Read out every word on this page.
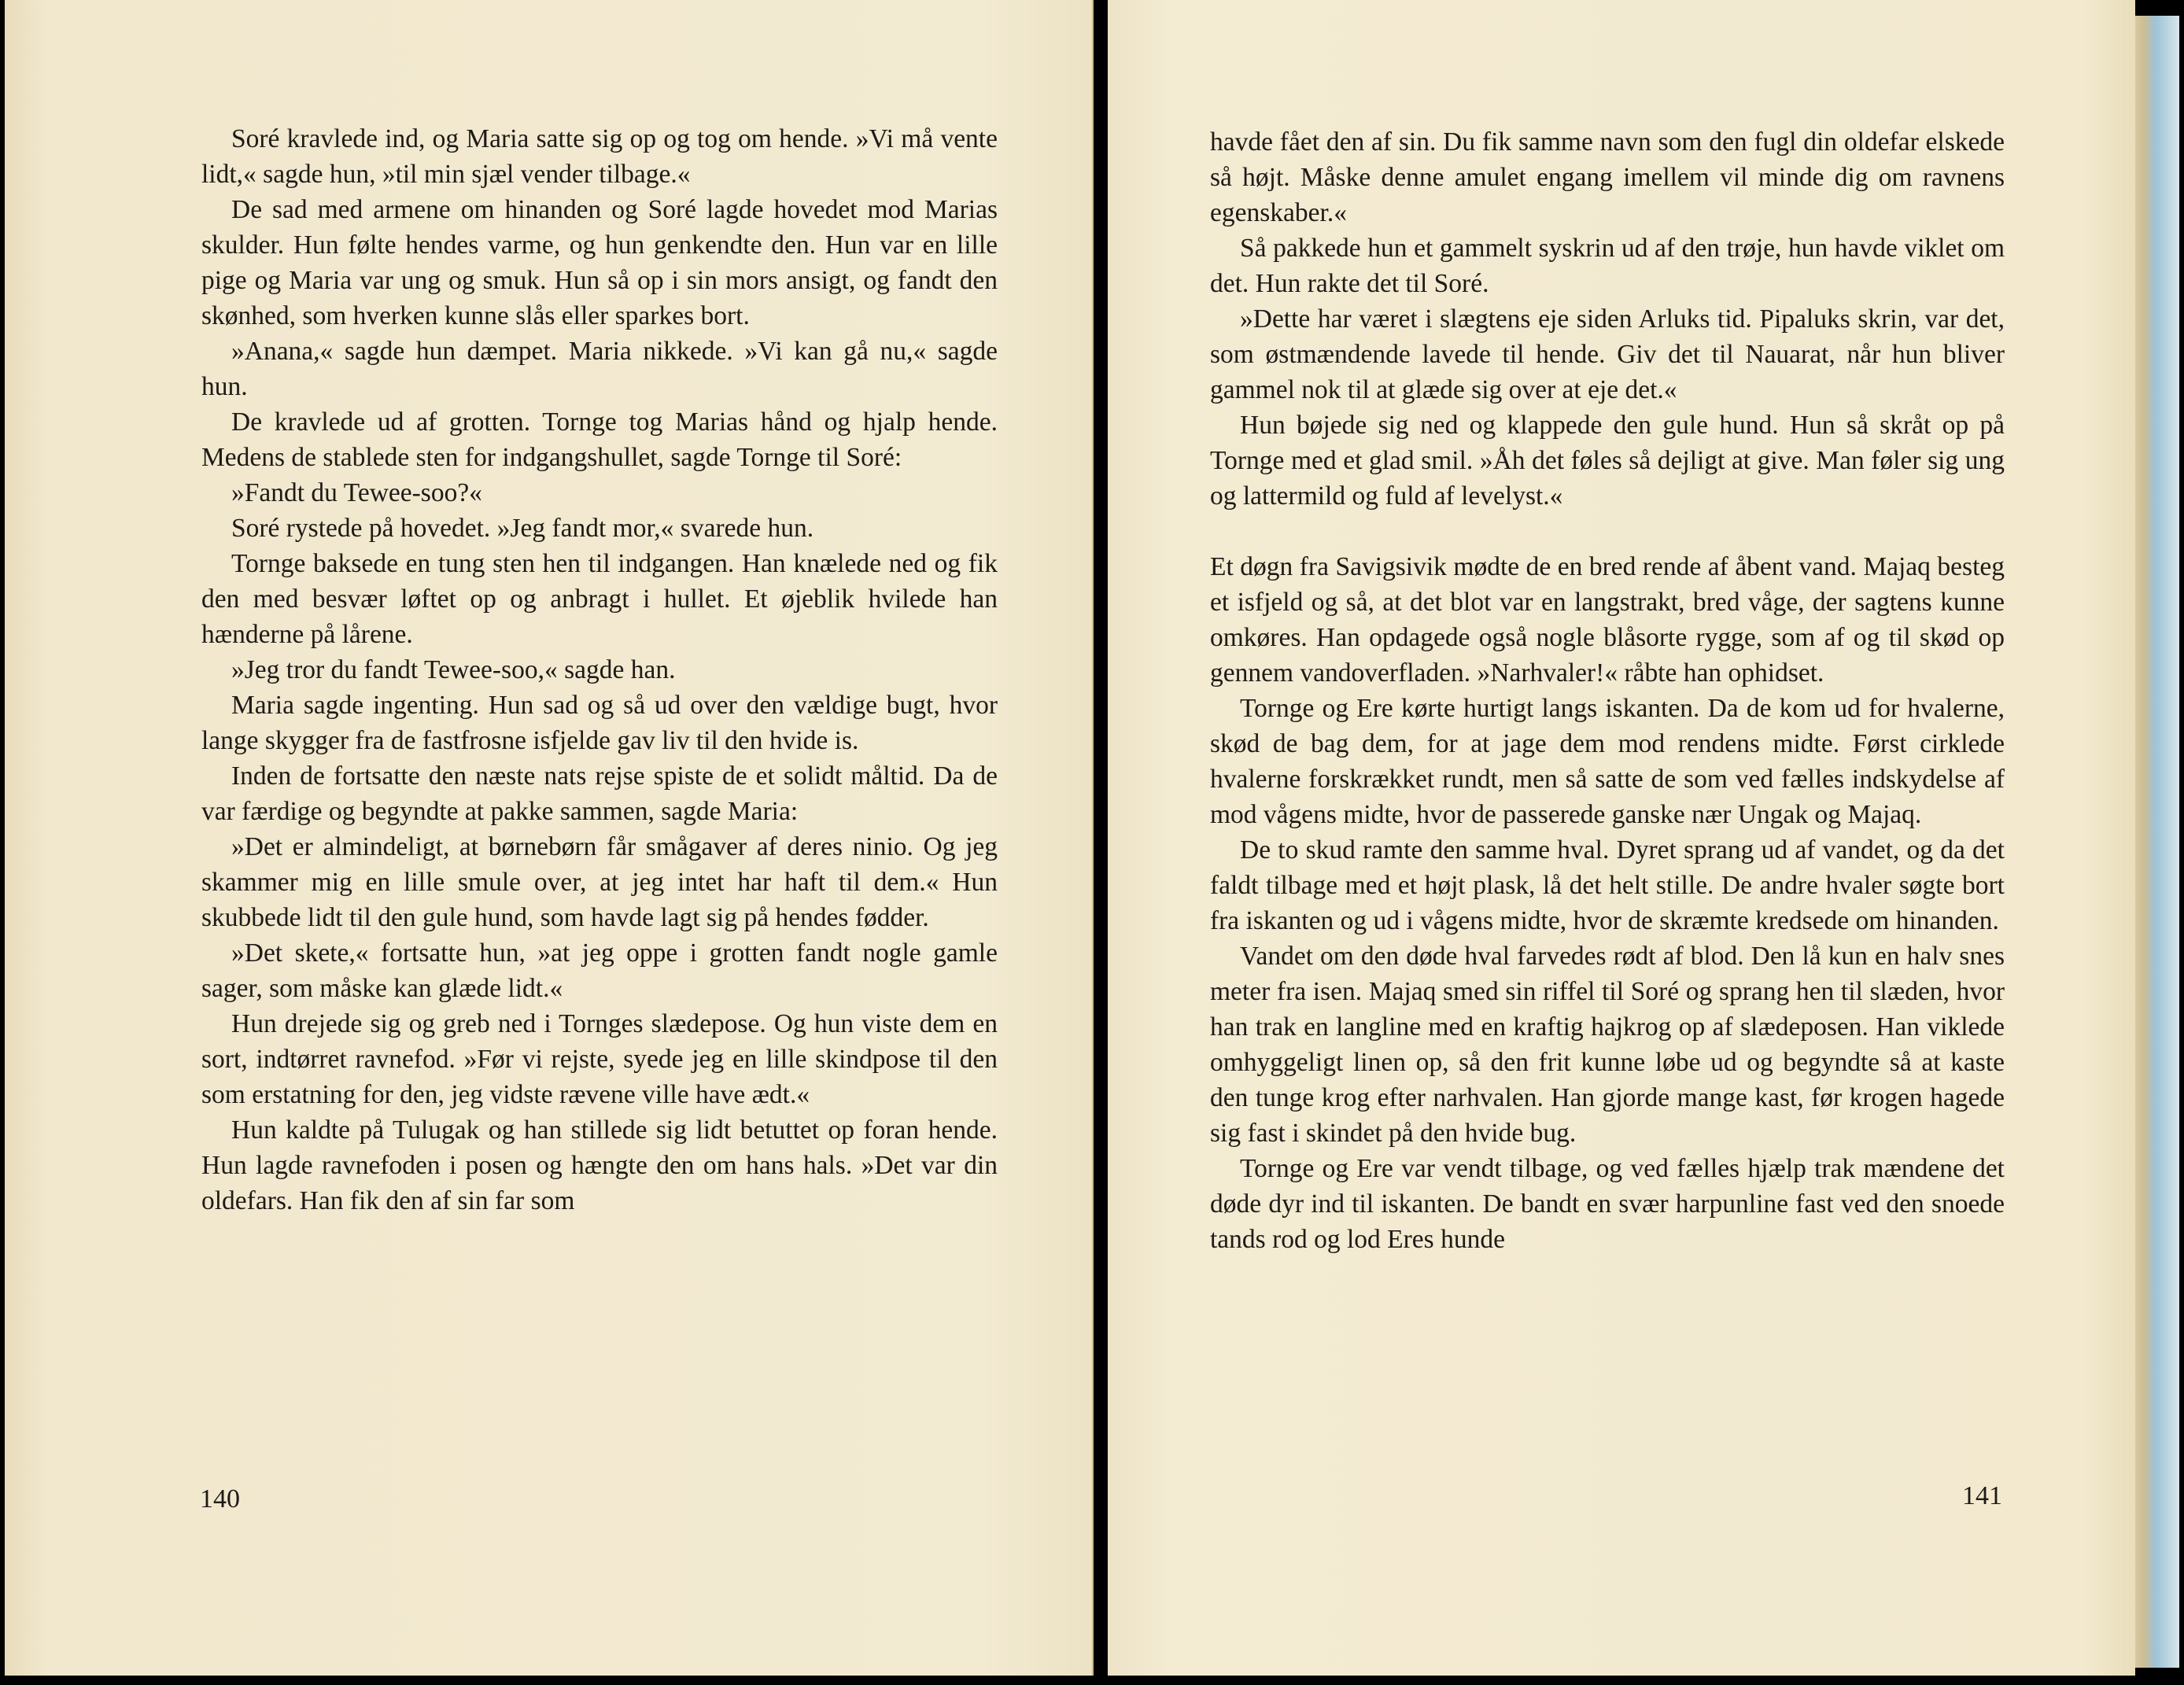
Soré kravlede ind, og Maria satte sig op og tog om hende. »Vi må vente lidt,« sagde hun, »til min sjæl vender tilbage.«

De sad med armene om hinanden og Soré lagde hovedet mod Marias skulder. Hun følte hendes varme, og hun genkendte den. Hun var en lille pige og Maria var ung og smuk. Hun så op i sin mors ansigt, og fandt den skønhed, som hverken kunne slås eller sparkes bort.

»Anana,« sagde hun dæmpet. Maria nikkede. »Vi kan gå nu,« sagde hun.

De kravlede ud af grotten. Tornge tog Marias hånd og hjalp hende. Medens de stablede sten for indgangshullet, sagde Tornge til Soré:

»Fandt du Tewee-soo?«

Soré rystede på hovedet. »Jeg fandt mor,« svarede hun.

Tornge baksede en tung sten hen til indgangen. Han knælede ned og fik den med besvær løftet op og anbragt i hullet. Et øjeblik hvilede han hænderne på lårene.

»Jeg tror du fandt Tewee-soo,« sagde han.

Maria sagde ingenting. Hun sad og så ud over den vældige bugt, hvor lange skygger fra de fastfrosne isfjelde gav liv til den hvide is.

Inden de fortsatte den næste nats rejse spiste de et solidt måltid. Da de var færdige og begyndte at pakke sammen, sagde Maria:

»Det er almindeligt, at børnebørn får smågaver af deres ninio. Og jeg skammer mig en lille smule over, at jeg intet har haft til dem.« Hun skubbede lidt til den gule hund, som havde lagt sig på hendes fødder.

»Det skete,« fortsatte hun, »at jeg oppe i grotten fandt nogle gamle sager, som måske kan glæde lidt.«

Hun drejede sig og greb ned i Tornges slædepose. Og hun viste dem en sort, indtørret ravnefod. »Før vi rejste, syede jeg en lille skindpose til den som erstatning for den, jeg vidste rævene ville have ædt.«

Hun kaldte på Tulugak og han stillede sig lidt betuttet op foran hende. Hun lagde ravnefoden i posen og hængte den om hans hals. »Det var din oldefars. Han fik den af sin far som

140

havde fået den af sin. Du fik samme navn som den fugl din oldefar elskede så højt. Måske denne amulet engang imellem vil minde dig om ravnens egenskaber.«

Så pakkede hun et gammelt syskrin ud af den trøje, hun havde viklet om det. Hun rakte det til Soré.

»Dette har været i slægtens eje siden Arluks tid. Pipaluks skrin, var det, som østmændende lavede til hende. Giv det til Nauarat, når hun bliver gammel nok til at glæde sig over at eje det.«

Hun bøjede sig ned og klappede den gule hund. Hun så skråt op på Tornge med et glad smil. »Åh det føles så dejligt at give. Man føler sig ung og lattermild og fuld af levelyst.«

Et døgn fra Savigsivik mødte de en bred rende af åbent vand. Majaq besteg et isfjeld og så, at det blot var en langstrakt, bred våge, der sagtens kunne omkøres. Han opdagede også nogle blåsorte rygge, som af og til skød op gennem vandoverfladen. »Narhvaler!« råbte han ophidset.

Tornge og Ere kørte hurtigt langs iskanten. Da de kom ud for hvalerne, skød de bag dem, for at jage dem mod rendens midte. Først cirklede hvalerne forskrækket rundt, men så satte de som ved fælles indskydelse af mod vågens midte, hvor de passerede ganske nær Ungak og Majaq.

De to skud ramte den samme hval. Dyret sprang ud af vandet, og da det faldt tilbage med et højt plask, lå det helt stille. De andre hvaler søgte bort fra iskanten og ud i vågens midte, hvor de skræmte kredsede om hinanden.

Vandet om den døde hval farvedes rødt af blod. Den lå kun en halv snes meter fra isen. Majaq smed sin riffel til Soré og sprang hen til slæden, hvor han trak en langline med en kraftig hajkrog op af slædeposen. Han viklede omhyggeligt linen op, så den frit kunne løbe ud og begyndte så at kaste den tunge krog efter narhvalen. Han gjorde mange kast, før krogen hagede sig fast i skindet på den hvide bug.

Tornge og Ere var vendt tilbage, og ved fælles hjælp trak mændene det døde dyr ind til iskanten. De bandt en svær harpunline fast ved den snoede tands rod og lod Eres hunde

141
